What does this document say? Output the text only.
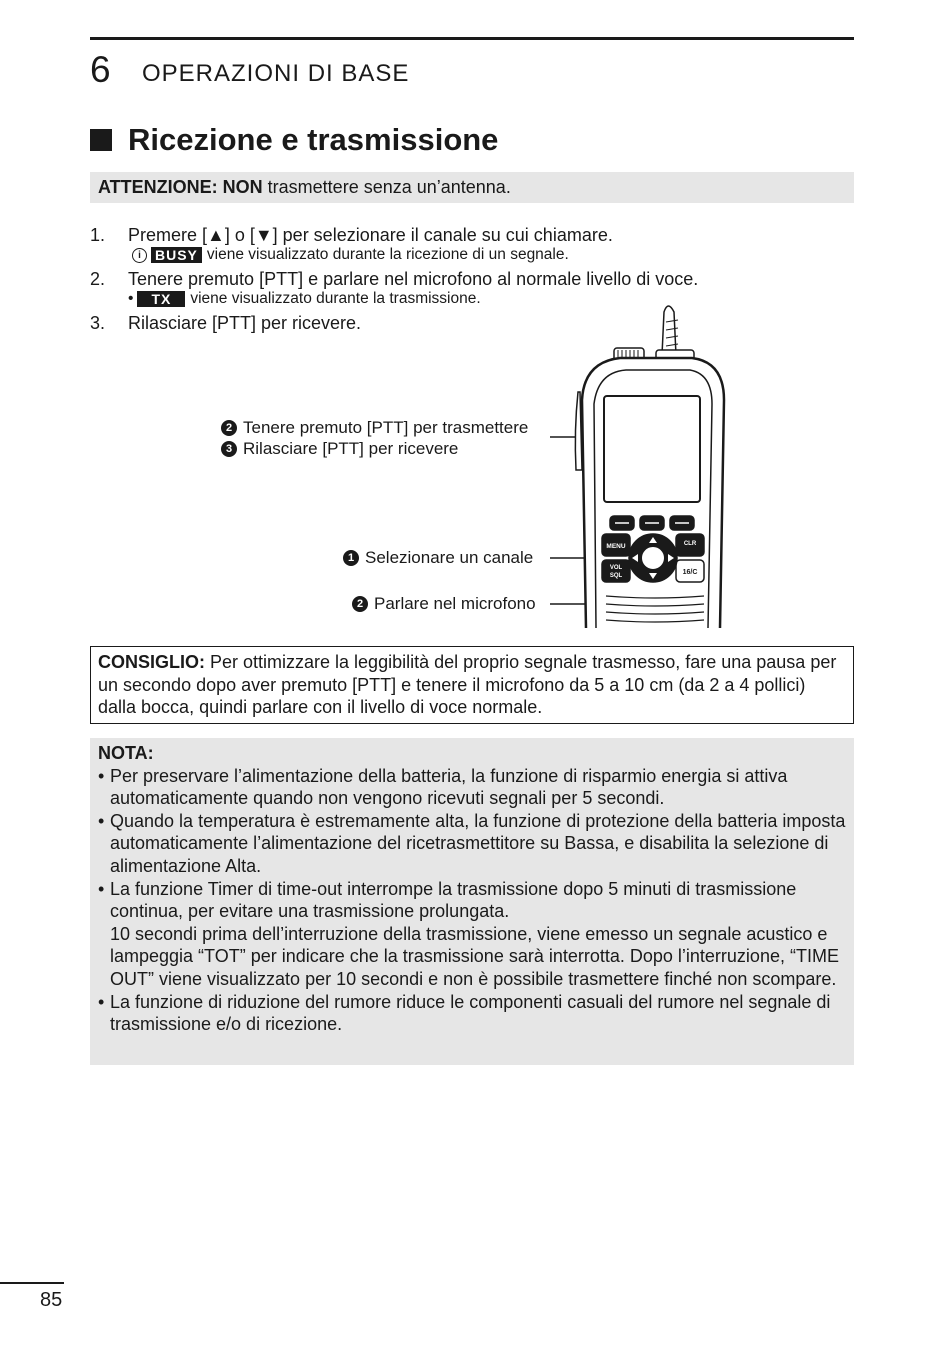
6 OPERAZIONI DI BASE
Ricezione e trasmissione
ATTENZIONE: NON trasmettere senza un’antenna.
1. Premere [▲] o [▼] per selezionare il canale su cui chiamare.
i	BUSY viene visualizzato durante la ricezione di un segnale.
2. Tenere premuto [PTT] e parlare nel microfono al normale livello di voce.
•	TX	viene visualizzato durante la trasmissione.
3. Rilasciare [PTT] per ricevere.
2 Tenere premuto [PTT] per trasmettere
3 Rilasciare [PTT] per ricevere
1 Selezionare un canale
2 Parlare nel microfono
MENU	CLR
VOL
SQL	16/C
CONSIGLIO: Per ottimizzare la leggibilità del proprio segnale trasmesso, fare una pausa per un secondo dopo aver premuto [PTT] e tenere il microfono da 5 a 10 cm (da 2 a 4 pollici) dalla bocca, quindi parlare con il livello di voce normale.
NOTA:
• Per preservare l’alimentazione della batteria, la funzione di risparmio energia si attiva automaticamente quando non vengono ricevuti segnali per 5 secondi.
• Quando la temperatura è estremamente alta, la funzione di protezione della batteria imposta automaticamente l’alimentazione del ricetrasmettitore su Bassa, e disabilita la selezione di alimentazione Alta.
• La funzione Timer di time-out interrompe la trasmissione dopo 5 minuti di trasmissione continua, per evitare una trasmissione prolungata.
10 secondi prima dell’interruzione della trasmissione, viene emesso un segnale acustico e lampeggia “TOT” per indicare che la trasmissione sarà interrotta. Dopo l’interruzione, “TIME OUT” viene visualizzato per 10 secondi e non è possibile trasmettere finché non scompare.
• La funzione di riduzione del rumore riduce le componenti casuali del rumore nel segnale di trasmissione e/o di ricezione.
85
